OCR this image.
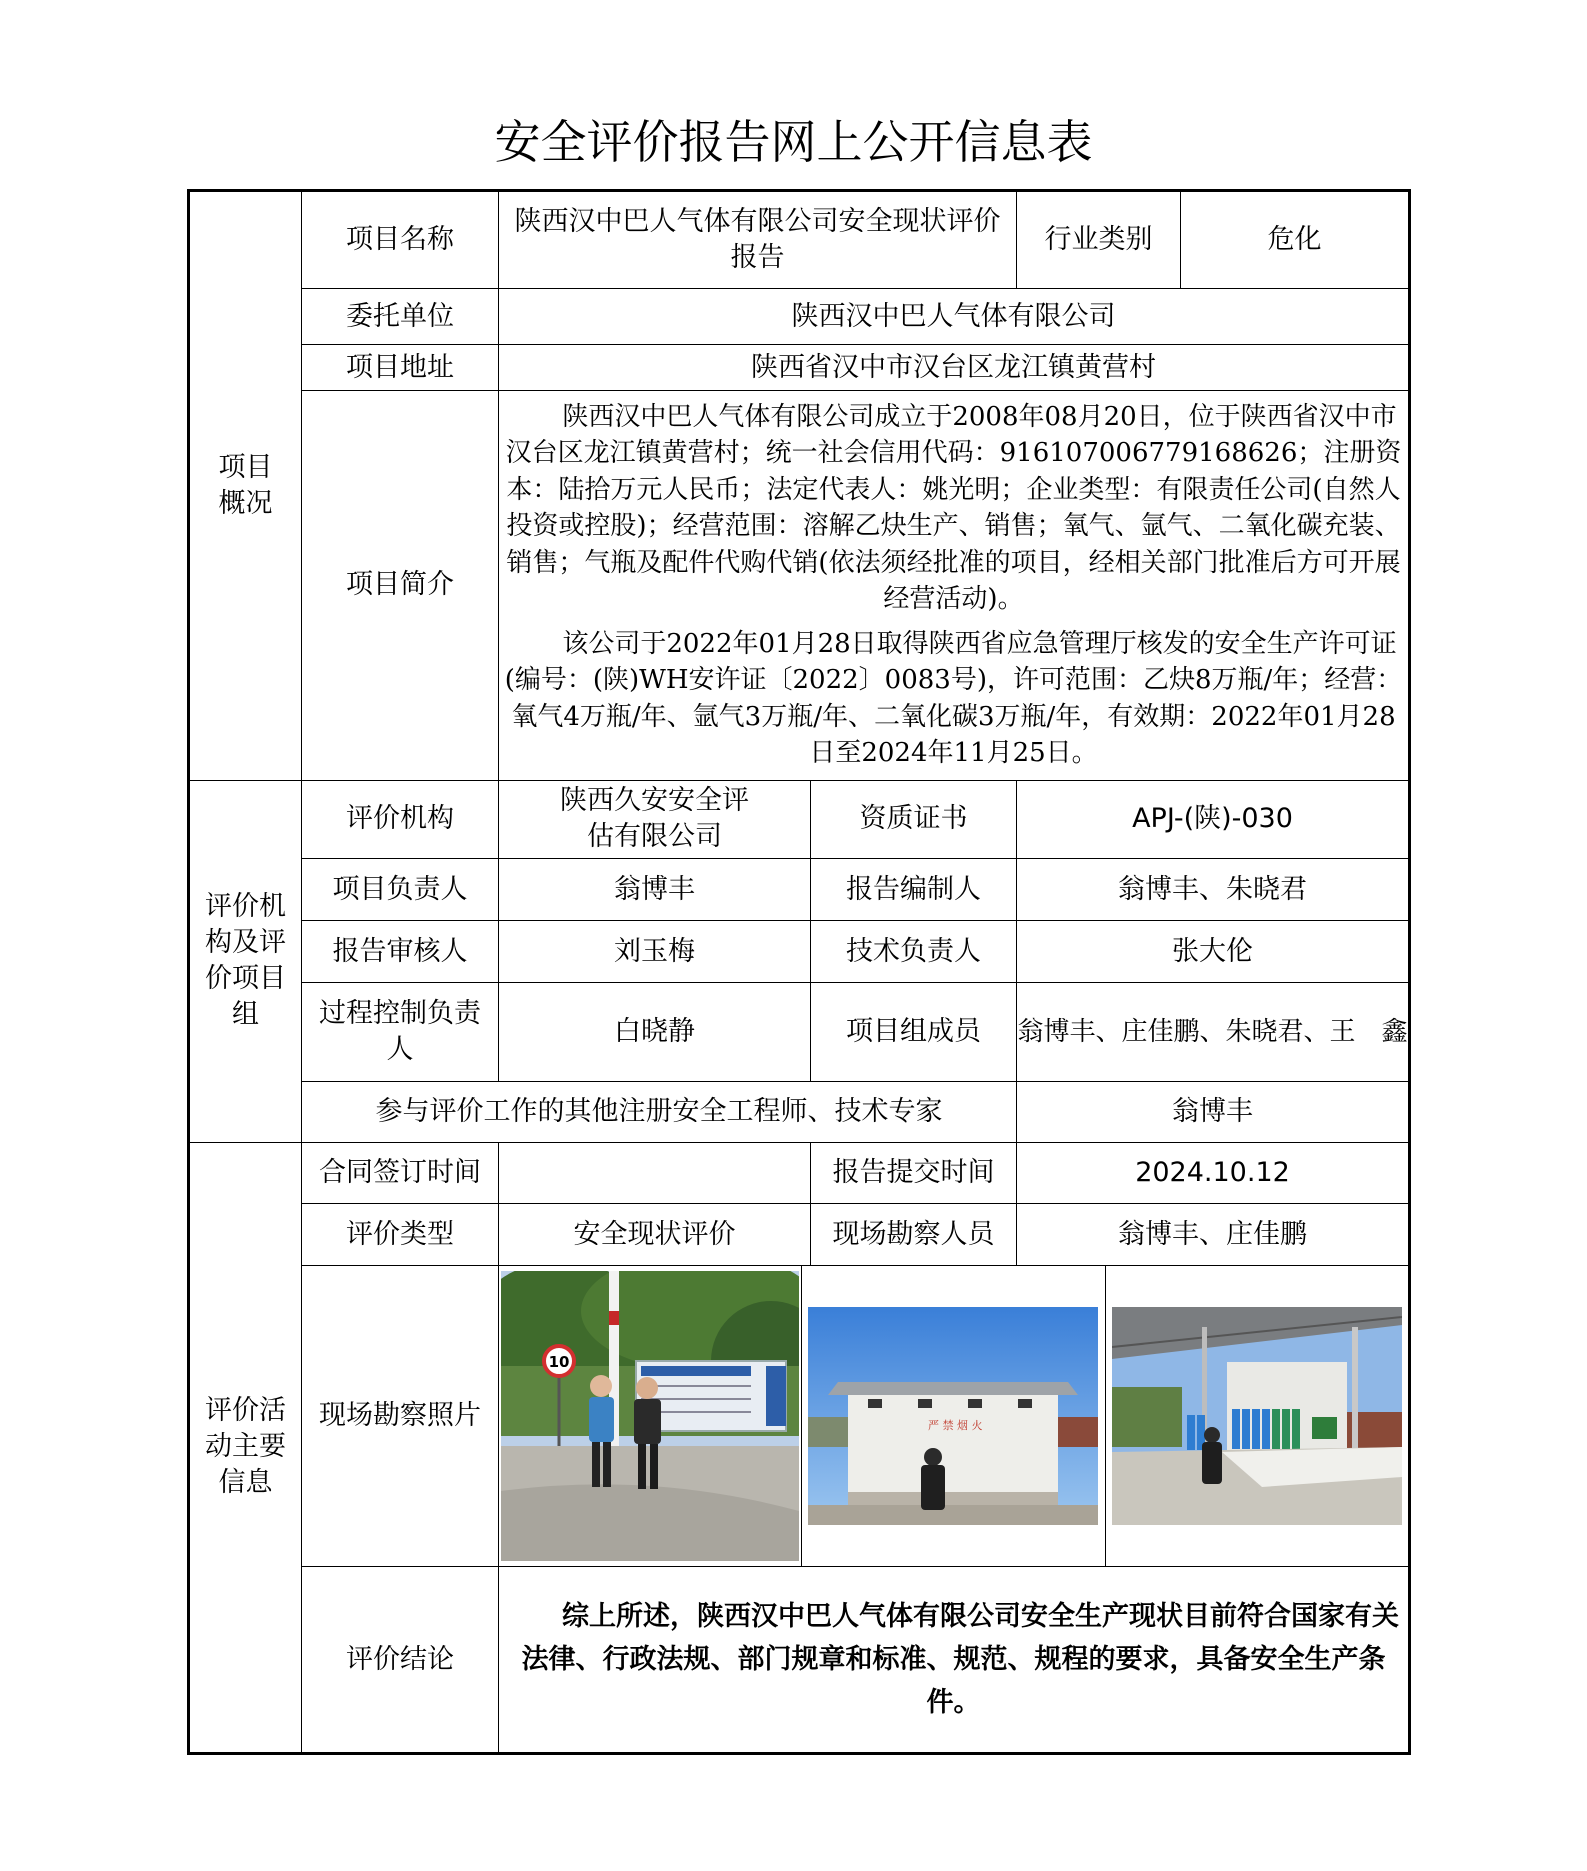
安全评价报告网上公开信息表
项目概况	项目名称	陕西汉中巴人气体有限公司安全现状评价报告		行业类别	危化
	委托单位	陕西汉中巴人气体有限公司			
	项目地址	陕西省汉中市汉台区龙江镇黄营村			
	项目简介	陕西汉中巴人气体有限公司成立于2008年08月20日，位于陕西省汉中市汉台区龙江镇黄营村；统一社会信用代码：91610700677916862​6；注册资本：陆拾万元人民币；法定代表人：姚光明；企业类型：有限责任公司(自然人投资或控股)；经营范围：溶解乙炔生产、销售；氧气、氩气、二氧化碳充装、销售；气瓶及配件代购代销(依法须经批准的项目，经相关部门批准后方可开展经营活动)。

该公司于2022年01月28日取得陕西省应急管理厅核发的安全生产许可证(编号：(陕)WH安许证〔2022〕0083号)，许可范围：乙炔8万瓶/年；经营：氧气4万瓶/年、氩气3万瓶/年、二氧化碳3万瓶/年，有效期：2022年01月28日至2024年11月25日。			

评价机构及评价项目组	评价机构	陕西久安安全评估有限公司	资质证书	APJ-(陕)-030	
	项目负责人	翁博丰	报告编制人	翁博丰、朱晓君	
	报告审核人	刘玉梅	技术负责人	张大伦	
	过程控制负责人	白晓静	项目组成员	翁博丰、庄佳鹏、朱晓君、王　鑫	
	参与评价工作的其他注册安全工程师、技术专家			翁博丰	
评价活动主要信息	合同签订时间		报告提交时间	2024.10.12	
	评价类型	安全现状评价	现场勘察人员	翁博丰、庄佳鹏	
	现场勘察照片	10
严 禁 烟 火			

	评价结论	综上所述，陕西汉中巴人气体有限公司安全生产现状目前符合国家有关法律、行政法规、部门规章和标准、规范、规程的要求，具备安全生产条件。			
